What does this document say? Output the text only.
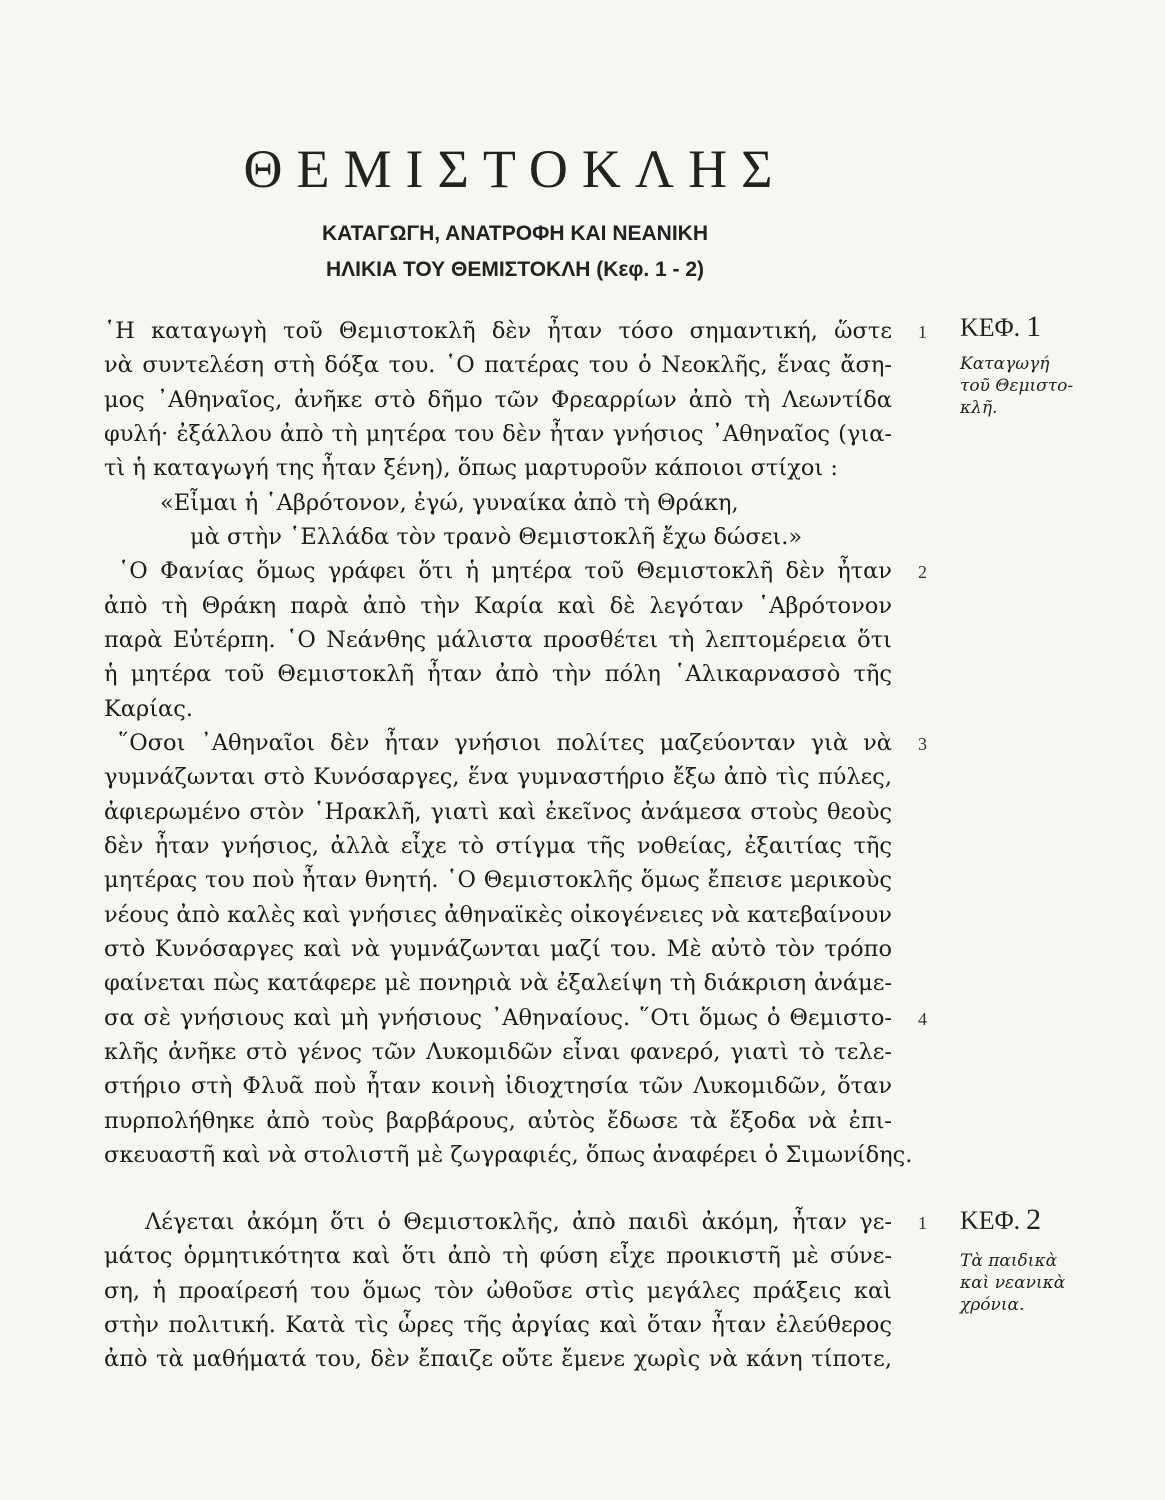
ΘΕΜΙΣΤΟΚΛΗΣ
ΚΑΤΑΓΩΓΗ, ΑΝΑΤΡΟΦΗ ΚΑΙ ΝΕΑΝΙΚΗ
ΗΛΙΚΙΑ ΤΟΥ ΘΕΜΙΣΤΟΚΛΗ (Κεφ. 1 - 2)
῾Η καταγωγὴ τοῦ Θεμιστοκλῆ δὲν ἦταν τόσο σημαντική, ὥστε
νὰ συντελέση στὴ δόξα του. ῾Ο πατέρας του ὁ Νεοκλῆς, ἕνας ἄση-
μος ᾿Αθηναῖος, ἀνῆκε στὸ δῆμο τῶν Φρεαρρίων ἀπὸ τὴ Λεωντίδα
φυλή· ἐξάλλου ἀπὸ τὴ μητέρα του δὲν ἦταν γνήσιος ᾿Αθηναῖος (για-
τὶ ἡ καταγωγή της ἦταν ξένη), ὅπως μαρτυροῦν κάποιοι στίχοι :
«Εἶμαι ἡ ῾Αβρότονον, ἐγώ, γυναίκα ἀπὸ τὴ Θράκη,
μὰ στὴν ῾Ελλάδα τὸν τρανὸ Θεμιστοκλῆ ἔχω δώσει.»
῾Ο Φανίας ὅμως γράφει ὅτι ἡ μητέρα τοῦ Θεμιστοκλῆ δὲν ἦταν
ἀπὸ τὴ Θράκη παρὰ ἀπὸ τὴν Καρία καὶ δὲ λεγόταν ῾Αβρότονον
παρὰ Εὐτέρπη. ῾Ο Νεάνθης μάλιστα προσθέτει τὴ λεπτομέρεια ὅτι
ἡ μητέρα τοῦ Θεμιστοκλῆ ἦταν ἀπὸ τὴν πόλη ῾Αλικαρνασσὸ τῆς
Καρίας.
῞Οσοι ᾿Αθηναῖοι δὲν ἦταν γνήσιοι πολίτες μαζεύονταν γιὰ νὰ
γυμνάζωνται στὸ Κυνόσαργες, ἕνα γυμναστήριο ἔξω ἀπὸ τὶς πύλες,
ἀφιερωμένο στὸν ῾Ηρακλῆ, γιατὶ καὶ ἐκεῖνος ἀνάμεσα στοὺς θεοὺς
δὲν ἦταν γνήσιος, ἀλλὰ εἶχε τὸ στίγμα τῆς νοθείας, ἐξαιτίας τῆς
μητέρας του ποὺ ἦταν θνητή. ῾Ο Θεμιστοκλῆς ὅμως ἔπεισε μερικοὺς
νέους ἀπὸ καλὲς καὶ γνήσιες ἀθηναϊκὲς οἰκογένειες νὰ κατεβαίνουν
στὸ Κυνόσαργες καὶ νὰ γυμνάζωνται μαζί του. Μὲ αὐτὸ τὸν τρόπο
φαίνεται πὼς κατάφερε μὲ πονηριὰ νὰ ἐξαλείψη τὴ διάκριση ἀνάμε-
σα σὲ γνήσιους καὶ μὴ γνήσιους ᾿Αθηναίους. ῞Οτι ὅμως ὁ Θεμιστο-
κλῆς ἀνῆκε στὸ γένος τῶν Λυκομιδῶν εἶναι φανερό, γιατὶ τὸ τελε-
στήριο στὴ Φλυᾶ ποὺ ἦταν κοινὴ ἰδιοχτησία τῶν Λυκομιδῶν, ὅταν
πυρπολήθηκε ἀπὸ τοὺς βαρβάρους, αὐτὸς ἔδωσε τὰ ἔξοδα νὰ ἐπι-
σκευαστῆ καὶ νὰ στολιστῆ μὲ ζωγραφιές, ὅπως ἀναφέρει ὁ Σιμωνίδης.
1
2
3
4
ΚΕΦ. 1
Καταγωγή
τοῦ Θεμιστο-
κλῆ.
Λέγεται ἀκόμη ὅτι ὁ Θεμιστοκλῆς, ἀπὸ παιδὶ ἀκόμη, ἦταν γε-
μάτος ὁρμητικότητα καὶ ὅτι ἀπὸ τὴ φύση εἶχε προικιστῆ μὲ σύνε-
ση, ἡ προαίρεσή του ὅμως τὸν ὠθοῦσε στὶς μεγάλες πράξεις καὶ
στὴν πολιτική. Κατὰ τὶς ὧρες τῆς ἀργίας καὶ ὅταν ἦταν ἐλεύθερος
ἀπὸ τὰ μαθήματά του, δὲν ἔπαιζε οὔτε ἔμενε χωρὶς νὰ κάνη τίποτε,
1 ΚΕΦ. 2
Τὰ παιδικὰ
καὶ νεανικὰ
χρόνια.
